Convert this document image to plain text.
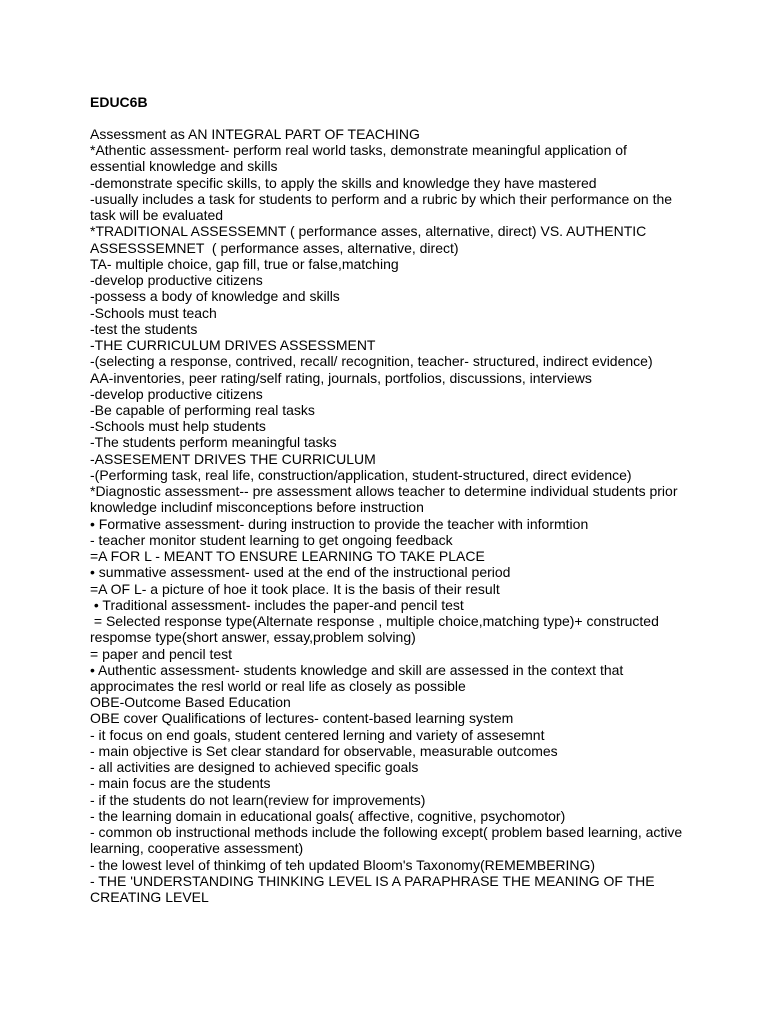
EDUC6B

Assessment as AN INTEGRAL PART OF TEACHING

*Athentic assessment- perform real world tasks, demonstrate meaningful application of

essential knowledge and skills

-demonstrate specific skills, to apply the skills and knowledge they have mastered

-usually includes a task for students to perform and a rubric by which their performance on the

task will be evaluated

*TRADITIONAL ASSESSEMNT ( performance asses, alternative, direct) VS. AUTHENTIC

ASSESSSEMNET  ( performance asses, alternative, direct)

TA- multiple choice, gap fill, true or false,matching

-develop productive citizens

-possess a body of knowledge and skills

-Schools must teach

-test the students

-THE CURRICULUM DRIVES ASSESSMENT

-(selecting a response, contrived, recall/ recognition, teacher- structured, indirect evidence)

AA-inventories, peer rating/self rating, journals, portfolios, discussions, interviews

-develop productive citizens

-Be capable of performing real tasks

-Schools must help students

-The students perform meaningful tasks

-ASSESEMENT DRIVES THE CURRICULUM

-(Performing task, real life, construction/application, student-structured, direct evidence)

*Diagnostic assessment-- pre assessment allows teacher to determine individual students prior

knowledge includinf misconceptions before instruction

• Formative assessment- during instruction to provide the teacher with informtion

- teacher monitor student learning to get ongoing feedback

=A FOR L - MEANT TO ENSURE LEARNING TO TAKE PLACE

• summative assessment- used at the end of the instructional period

=A OF L- a picture of hoe it took place. It is the basis of their result

• Traditional assessment- includes the paper-and pencil test

= Selected response type(Alternate response , multiple choice,matching type)+ constructed

respomse type(short answer, essay,problem solving)

= paper and pencil test

• Authentic assessment- students knowledge and skill are assessed in the context that

approcimates the resl world or real life as closely as possible

OBE-Outcome Based Education

OBE cover Qualifications of lectures- content-based learning system

- it focus on end goals, student centered lerning and variety of assesemnt

- main objective is Set clear standard for observable, measurable outcomes

- all activities are designed to achieved specific goals

- main focus are the students

- if the students do not learn(review for improvements)

- the learning domain in educational goals( affective, cognitive, psychomotor)

- common ob instructional methods include the following except( problem based learning, active

learning, cooperative assessment)

- the lowest level of thinkimg of teh updated Bloom's Taxonomy(REMEMBERING)

- THE 'UNDERSTANDING THINKING LEVEL IS A PARAPHRASE THE MEANING OF THE

CREATING LEVEL
